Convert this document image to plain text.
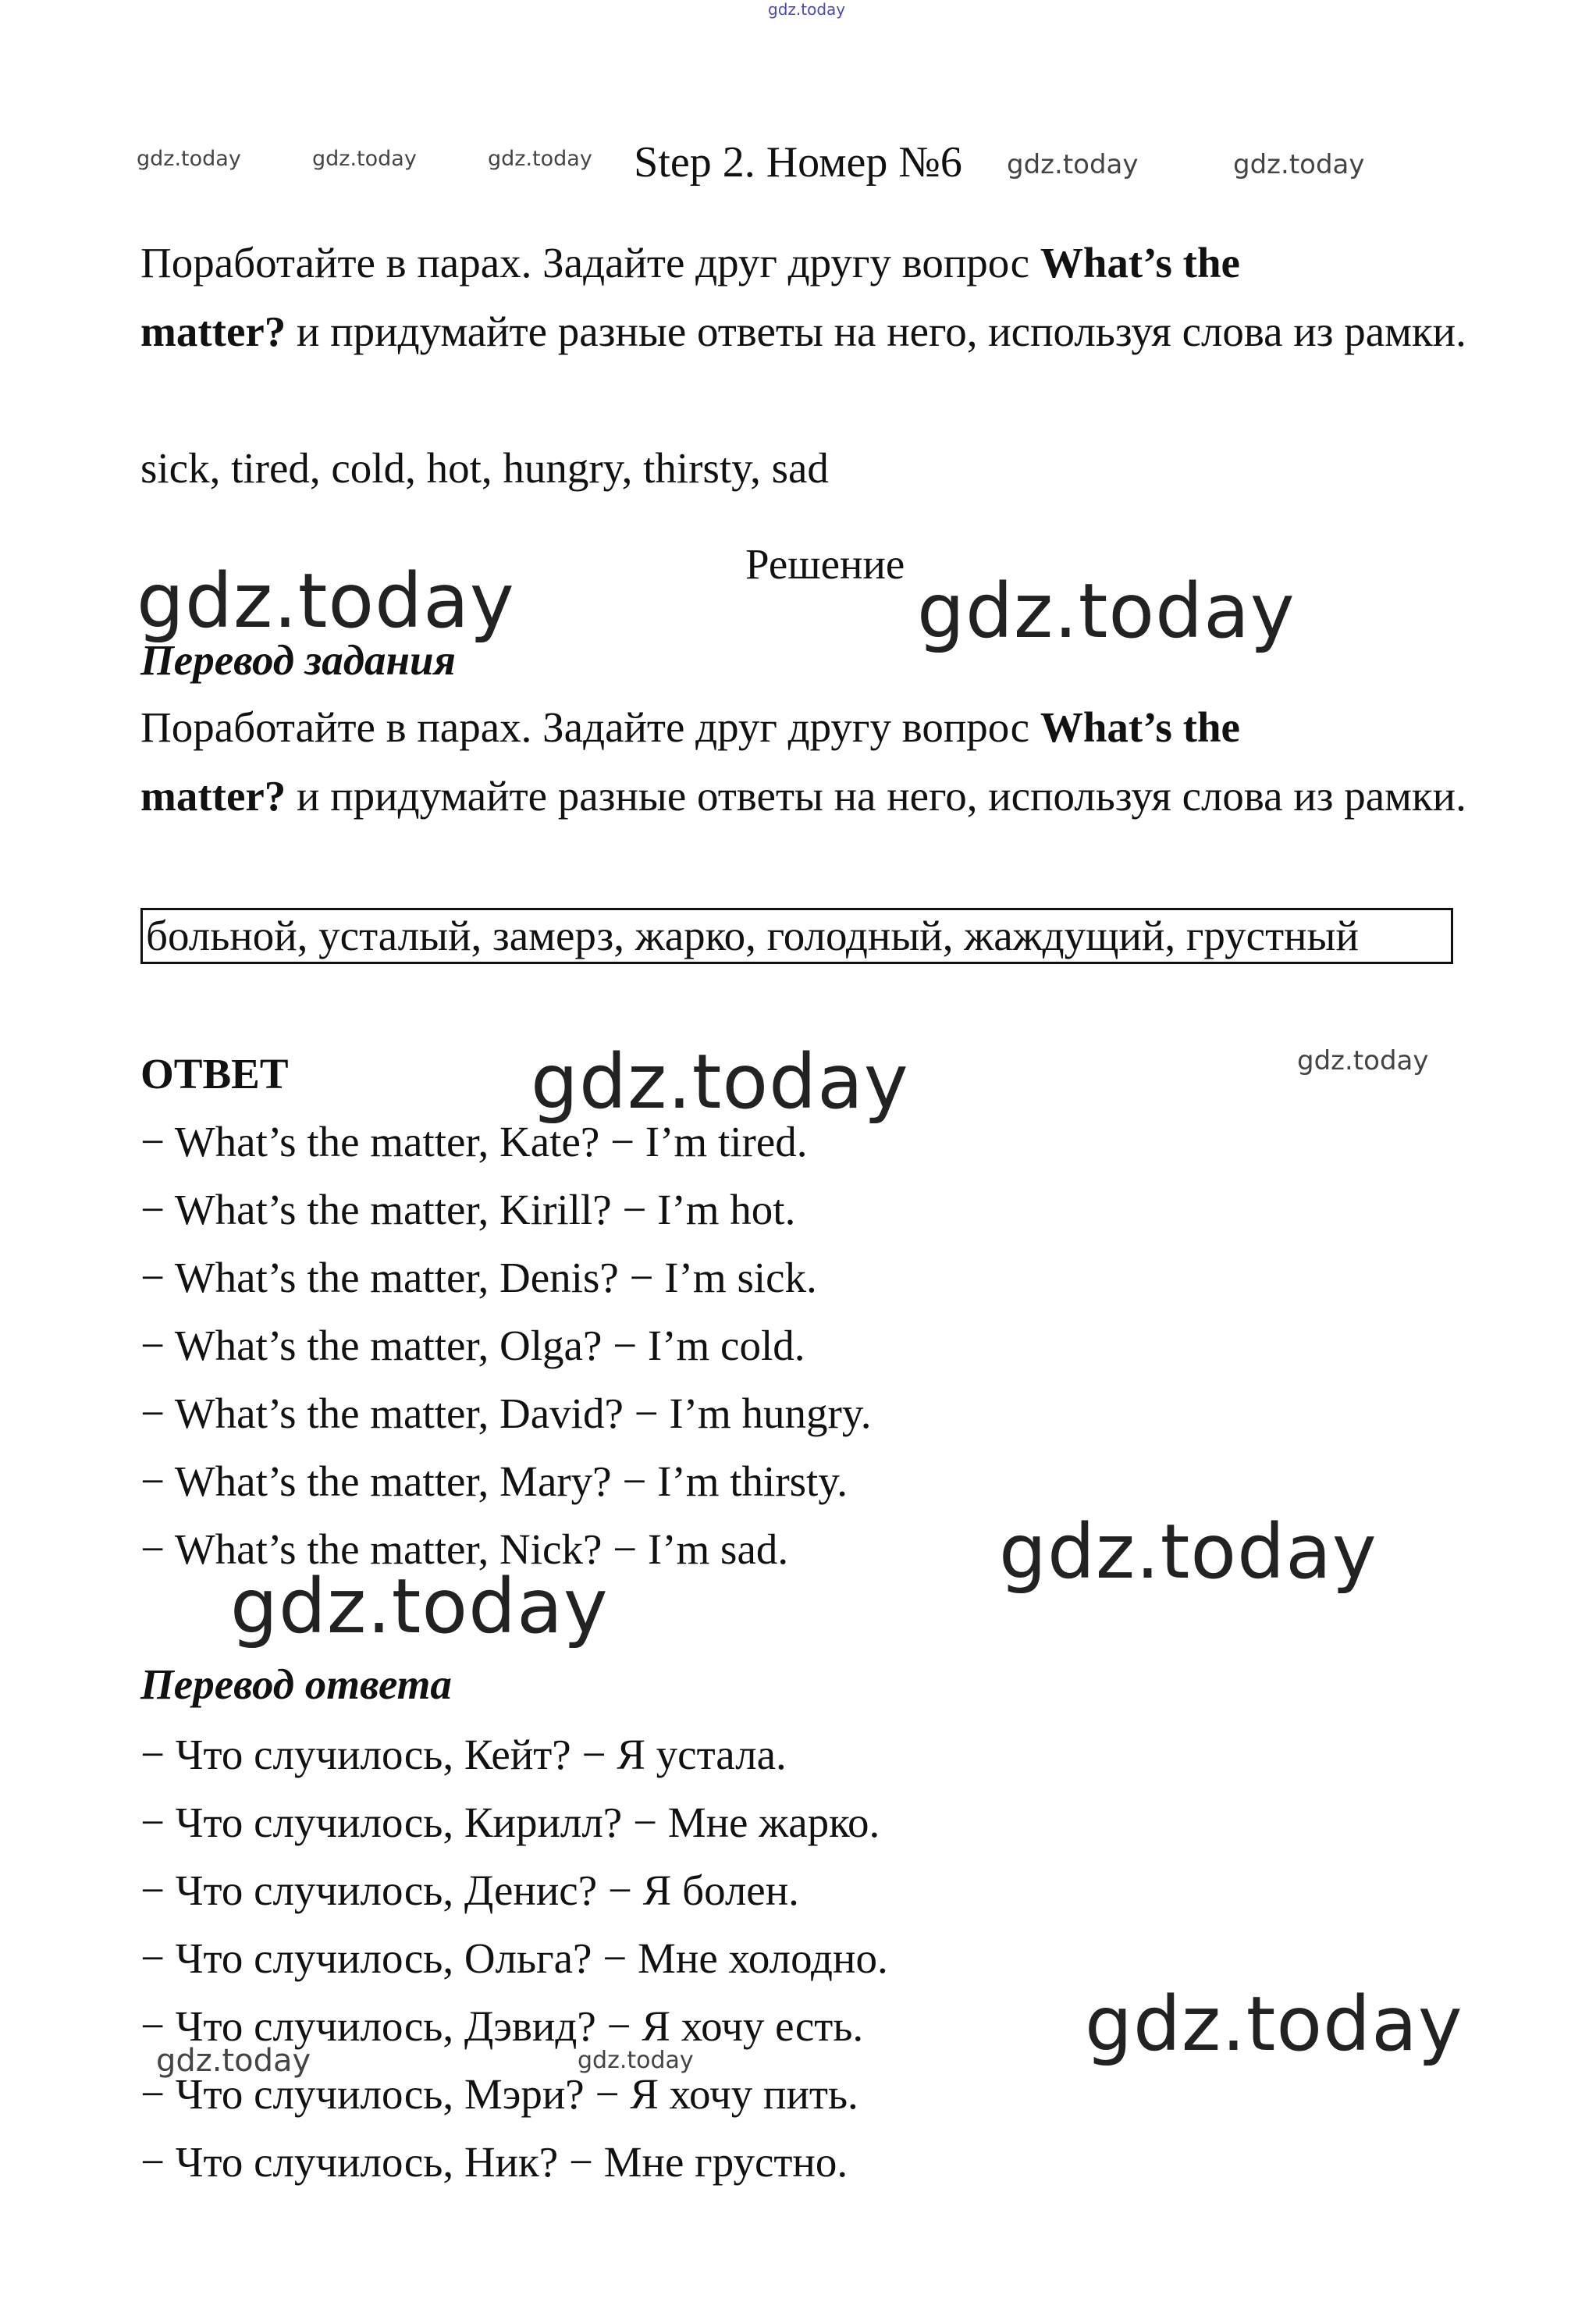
gdz.today
gdz.today	gdz.today	gdz.today	gdz.today	gdz.today
Step 2. Номер №6
Поработайте в парах. Задайте друг другу вопрос What’s the
matter? и придумайте разные ответы на него, используя слова из рамки.
sick, tired, cold, hot, hungry, thirsty, sad
Решение
gdz.today	gdz.today
Перевод задания
Поработайте в парах. Задайте друг другу вопрос What’s the
matter? и придумайте разные ответы на него, используя слова из рамки.
больной, усталый, замерз, жарко, голодный, жаждущий, грустный
ОТВЕТ	gdz.today	gdz.today
− What’s the matter, Kate? − I’m tired.
− What’s the matter, Kirill? − I’m hot.
− What’s the matter, Denis? − I’m sick.
− What’s the matter, Olga? − I’m cold.
− What’s the matter, David? − I’m hungry.
− What’s the matter, Mary? − I’m thirsty.
− What’s the matter, Nick? − I’m sad.	gdz.today
gdz.today
Перевод ответа
− Что случилось, Кейт? − Я устала.
− Что случилось, Кирилл? − Мне жарко.
− Что случилось, Денис? − Я болен.
− Что случилось, Ольга? − Мне холодно.
− Что случилось, Дэвид? − Я хочу есть.
− Что случилось, Мэри? − Я хочу пить.
− Что случилось, Ник? − Мне грустно.
gdz.today
gdz.today	gdz.today
